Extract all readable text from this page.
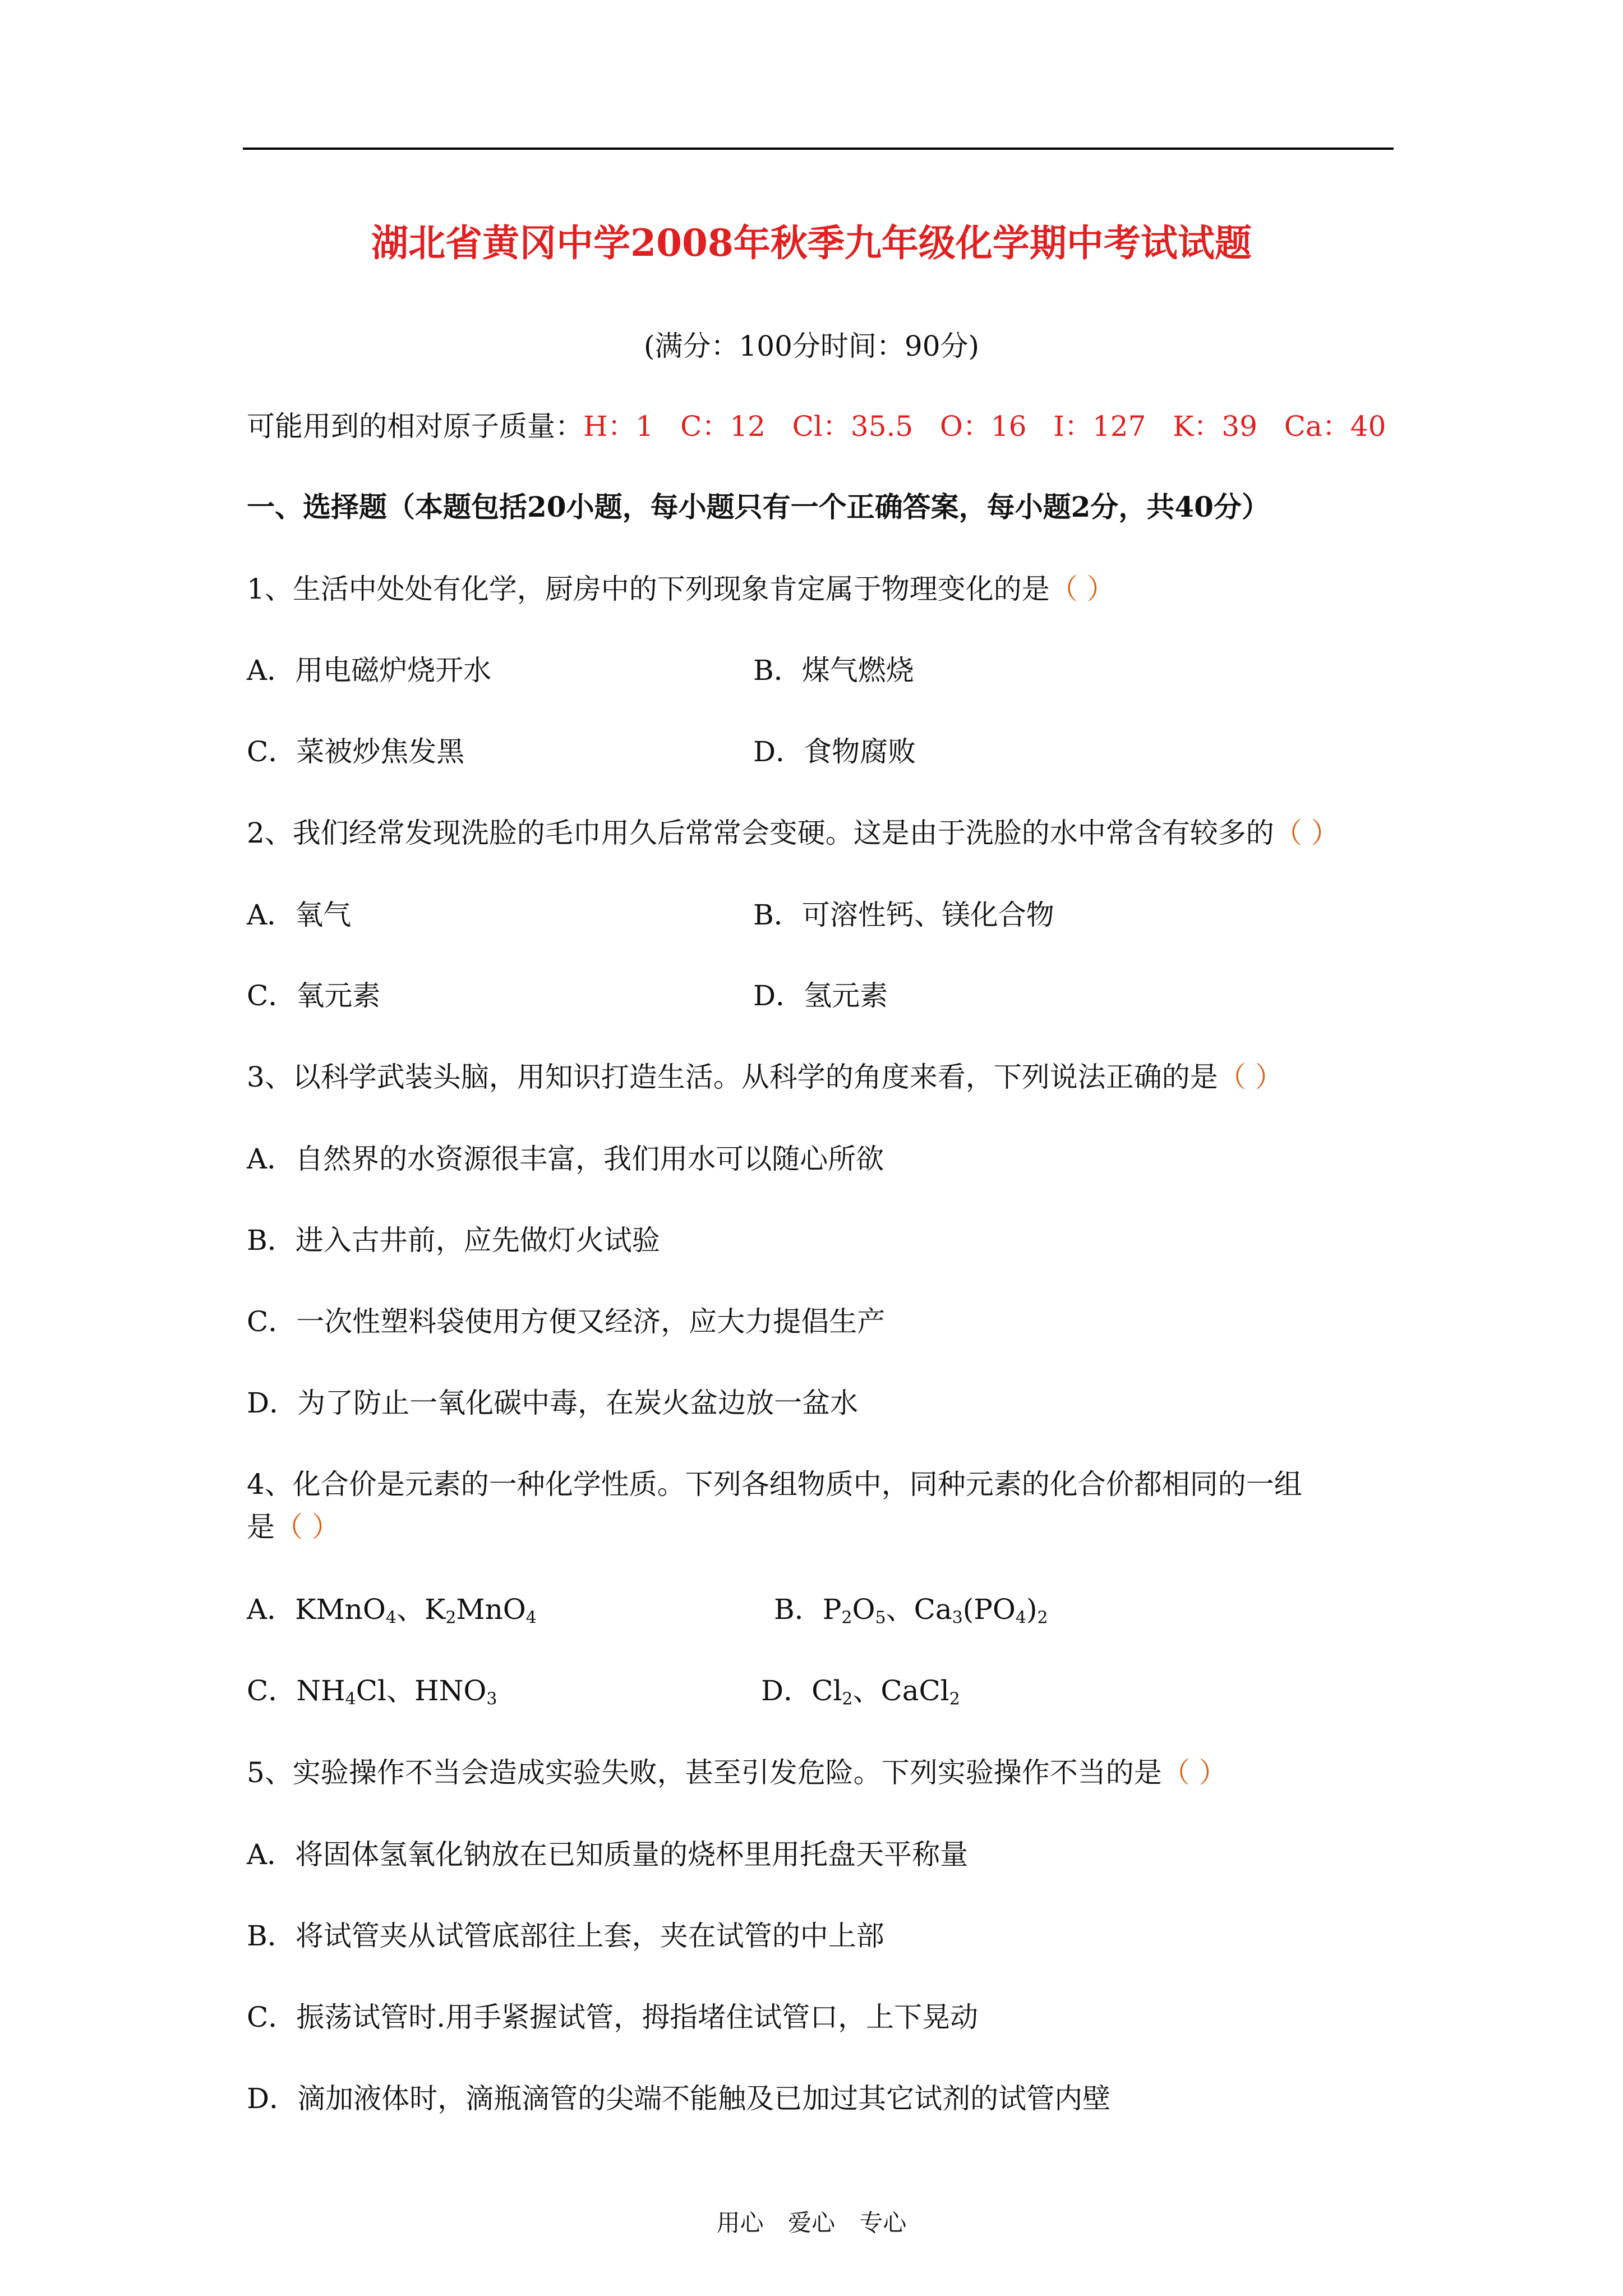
湖北省黄冈中学2008年秋季九年级化学期中考试试题
(满分：100分时间：90分)
可能用到的相对原子质量：H：1   C：12   Cl：35.5   O：16   I：127   K：39   Ca：40
一、选择题（本题包括20小题，每小题只有一个正确答案，每小题2分，共40分）
1、生活中处处有化学，厨房中的下列现象肯定属于物理变化的是（ ）
A．用电磁炉烧开水	B．煤气燃烧
C．菜被炒焦发黑	D．食物腐败
2、我们经常发现洗脸的毛巾用久后常常会变硬。这是由于洗脸的水中常含有较多的（ ）
A．氧气	B．可溶性钙、镁化合物
C．氧元素	D．氢元素
3、以科学武装头脑，用知识打造生活。从科学的角度来看，下列说法正确的是（ ）
A．自然界的水资源很丰富，我们用水可以随心所欲
B．进入古井前，应先做灯火试验
C．一次性塑料袋使用方便又经济，应大力提倡生产
D．为了防止一氧化碳中毒，在炭火盆边放一盆水
4、化合价是元素的一种化学性质。下列各组物质中，同种元素的化合价都相同的一组
是（ ）
A．KMnO$_4$、$K_2MnO_4$	B．$P_2O_5$、$Ca_3(PO_4)_2$
C．$NH_4Cl$、$HNO_3$	D．$Cl_2$、CaCl$_2$
5、实验操作不当会造成实验失败，甚至引发危险。下列实验操作不当的是（ ）
A．将固体氢氧化钠放在已知质量的烧杯里用托盘天平称量
B．将试管夹从试管底部往上套，夹在试管的中上部
C．振荡试管时.用手紧握试管，拇指堵住试管口，上下晃动
D．滴加液体时，滴瓶滴管的尖端不能触及已加过其它试剂的试管内壁
用心 爱心 专心
